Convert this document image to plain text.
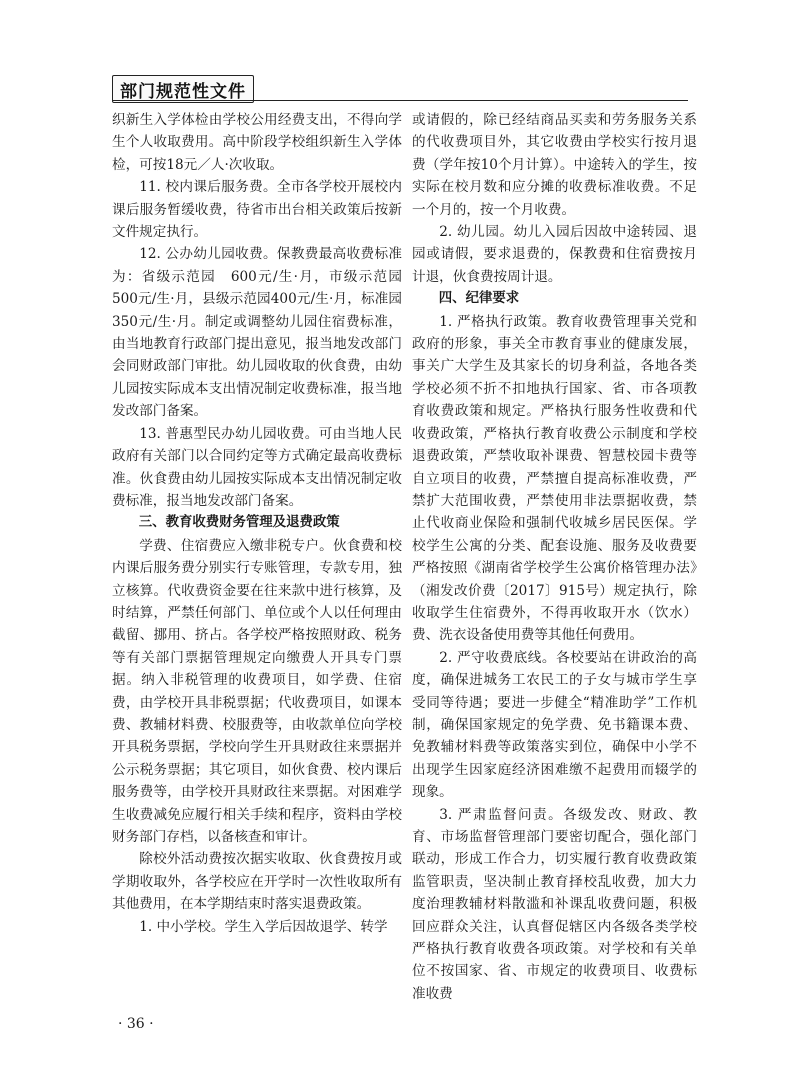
部门规范性文件

织新生入学体检由学校公用经费支出，不得向学生个人收取费用。高中阶段学校组织新生入学体检，可按18元／人·次收取。

11. 校内课后服务费。全市各学校开展校内课后服务暂缓收费，待省市出台相关政策后按新文件规定执行。

12. 公办幼儿园收费。保教费最高收费标准为：省级示范园　600元/生·月，市级示范园500元/生·月，县级示范园400元/生·月，标准园350元/生·月。制定或调整幼儿园住宿费标准，由当地教育行政部门提出意见，报当地发改部门会同财政部门审批。幼儿园收取的伙食费，由幼儿园按实际成本支出情况制定收费标准，报当地发改部门备案。

13. 普惠型民办幼儿园收费。可由当地人民政府有关部门以合同约定等方式确定最高收费标准。伙食费由幼儿园按实际成本支出情况制定收费标准，报当地发改部门备案。

三、教育收费财务管理及退费政策

学费、住宿费应入缴非税专户。伙食费和校内课后服务费分别实行专账管理，专款专用，独立核算。代收费资金要在往来款中进行核算，及时结算，严禁任何部门、单位或个人以任何理由截留、挪用、挤占。各学校严格按照财政、税务等有关部门票据管理规定向缴费人开具专门票据。纳入非税管理的收费项目，如学费、住宿费，由学校开具非税票据；代收费项目，如课本费、教辅材料费、校服费等，由收款单位向学校开具税务票据，学校向学生开具财政往来票据并公示税务票据；其它项目，如伙食费、校内课后服务费等，由学校开具财政往来票据。对困难学生收费减免应履行相关手续和程序，资料由学校财务部门存档，以备核查和审计。

除校外活动费按次据实收取、伙食费按月或学期收取外，各学校应在开学时一次性收取所有其他费用，在本学期结束时落实退费政策。

1. 中小学校。学生入学后因故退学、转学

或请假的，除已经结商品买卖和劳务服务关系的代收费项目外，其它收费由学校实行按月退费（学年按10个月计算）。中途转入的学生，按实际在校月数和应分摊的收费标准收费。不足一个月的，按一个月收费。

2. 幼儿园。幼儿入园后因故中途转园、退园或请假，要求退费的，保教费和住宿费按月计退，伙食费按周计退。

四、纪律要求

1. 严格执行政策。教育收费管理事关党和政府的形象，事关全市教育事业的健康发展，事关广大学生及其家长的切身利益，各地各类学校必须不折不扣地执行国家、省、市各项教育收费政策和规定。严格执行服务性收费和代收费政策，严格执行教育收费公示制度和学校退费政策，严禁收取补课费、智慧校园卡费等自立项目的收费，严禁擅自提高标准收费，严禁扩大范围收费，严禁使用非法票据收费，禁止代收商业保险和强制代收城乡居民医保。学校学生公寓的分类、配套设施、服务及收费要严格按照《湖南省学校学生公寓价格管理办法》（湘发改价费〔2017〕915号）规定执行，除收取学生住宿费外，不得再收取开水（饮水）费、洗衣设备使用费等其他任何费用。

2. 严守收费底线。各校要站在讲政治的高度，确保进城务工农民工的子女与城市学生享受同等待遇；要进一步健全“精准助学”工作机制，确保国家规定的免学费、免书籍课本费、免教辅材料费等政策落实到位，确保中小学不出现学生因家庭经济困难缴不起费用而辍学的现象。

3. 严肃监督问责。各级发改、财政、教育、市场监督管理部门要密切配合，强化部门联动，形成工作合力，切实履行教育收费政策监管职责，坚决制止教育择校乱收费，加大力度治理教辅材料散滥和补课乱收费问题，积极回应群众关注，认真督促辖区内各级各类学校严格执行教育收费各项政策。对学校和有关单位不按国家、省、市规定的收费项目、收费标准收费

· 36 ·
